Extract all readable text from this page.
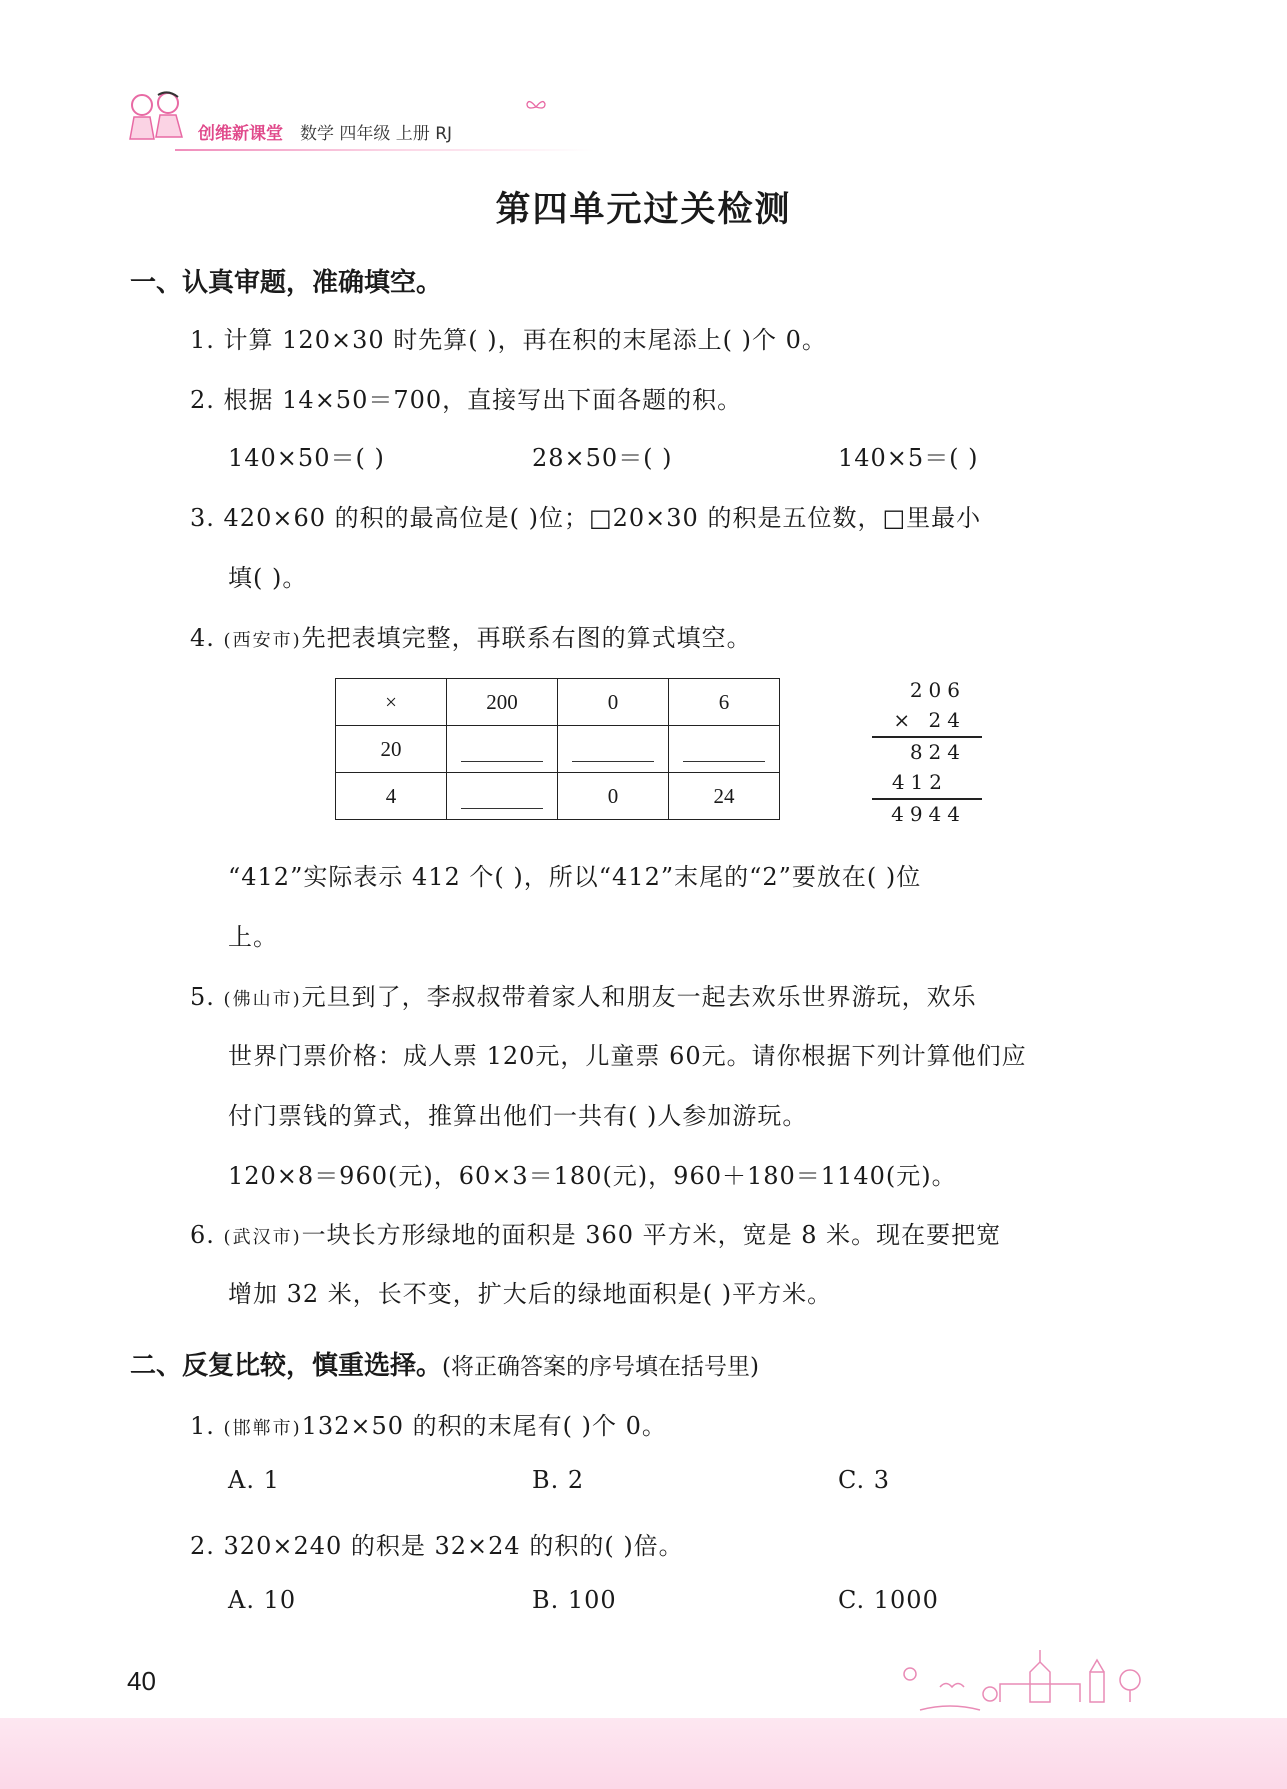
创维新课堂 数学 四年级 上册 RJ
第四单元过关检测
一、认真审题，准确填空。
1. 计算 120×30 时先算( )，再在积的末尾添上( )个 0。
2. 根据 14×50＝700，直接写出下面各题的积。
140×50＝( )	28×50＝( )	140×5＝( )
3. 420×60 的积的最高位是( )位；□20×30 的积是五位数，□里最小
填( )。
4. (西安市)先把表填完整，再联系右图的算式填空。
×	200	0	6
20			
4		0	24
206
× 24
824
412
4944
“412”实际表示 412 个( )，所以“412”末尾的“2”要放在( )位
上。
5. (佛山市)元旦到了，李叔叔带着家人和朋友一起去欢乐世界游玩，欢乐
世界门票价格：成人票 120元，儿童票 60元。请你根据下列计算他们应
付门票钱的算式，推算出他们一共有( )人参加游玩。
120×8＝960(元)，60×3＝180(元)，960＋180＝1140(元)。
6. (武汉市)一块长方形绿地的面积是 360 平方米，宽是 8 米。现在要把宽
增加 32 米，长不变，扩大后的绿地面积是( )平方米。
二、反复比较，慎重选择。(将正确答案的序号填在括号里)
1. (邯郸市)132×50 的积的末尾有( )个 0。
A. 1	B. 2	C. 3
2. 320×240 的积是 32×24 的积的( )倍。
A. 10	B. 100	C. 1000
40
